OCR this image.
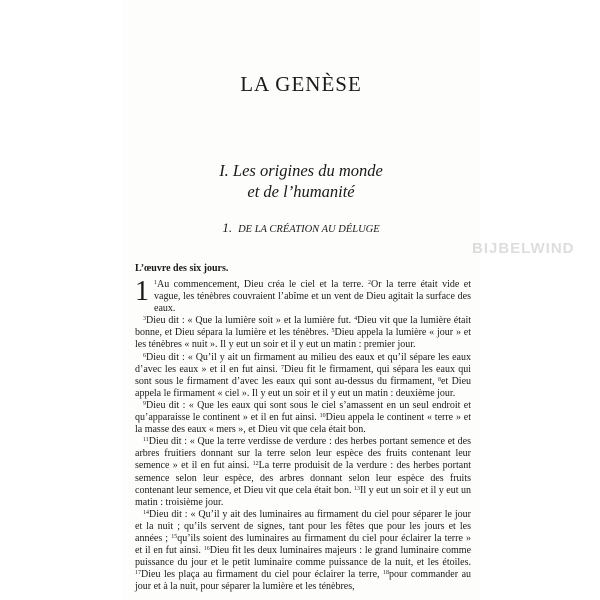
BIJBELWIND
LA GENÈSE
I. Les origines du monde
et de l’humanité
1. DE LA CRÉATION AU DÉLUGE
L’œuvre des six jours.

1 $^1$Au commencement, Dieu créa le ciel et la terre. $^2$Or la terre était vide et vague, les ténèbres couvraient l’abîme et un vent de Dieu agitait la surface des eaux.

$^3$Dieu dit : « Que la lumière soit » et la lumière fut. $^4$Dieu vit que la lumière était bonne, et Dieu sépara la lumière et les ténèbres. $^5$Dieu appela la lumière « jour » et les ténèbres « nuit ». Il y eut un soir et il y eut un matin : premier jour.

$^6$Dieu dit : « Qu’il y ait un firmament au milieu des eaux et qu’il sépare les eaux d’avec les eaux » et il en fut ainsi. $^7$Dieu fit le firmament, qui sépara les eaux qui sont sous le firmament d’avec les eaux qui sont au-dessus du firmament, $^8$et Dieu appela le firmament « ciel ». Il y eut un soir et il y eut un matin : deuxième jour.

$^9$Dieu dit : « Que les eaux qui sont sous le ciel s’amassent en un seul endroit et qu’apparaisse le continent » et il en fut ainsi. $^{10}$Dieu appela le continent « terre » et la masse des eaux « mers », et Dieu vit que cela était bon.

$^{11}$Dieu dit : « Que la terre verdisse de verdure : des herbes portant semence et des arbres fruitiers donnant sur la terre selon leur espèce des fruits contenant leur semence » et il en fut ainsi. $^{12}$La terre produisit de la verdure : des herbes portant semence selon leur espèce, des arbres donnant selon leur espèce des fruits contenant leur semence, et Dieu vit que cela était bon. $^{13}$Il y eut un soir et il y eut un matin : troisième jour.

$^{14}$Dieu dit : « Qu’il y ait des luminaires au firmament du ciel pour séparer le jour et la nuit ; qu’ils servent de signes, tant pour les fêtes que pour les jours et les années ; $^{15}$qu’ils soient des luminaires au firmament du ciel pour éclairer la terre » et il en fut ainsi. $^{16}$Dieu fit les deux luminaires majeurs : le grand luminaire comme puissance du jour et le petit luminaire comme puissance de la nuit, et les étoiles. $^{17}$Dieu les plaça au firmament du ciel pour éclairer la terre, $^{18}$pour commander au jour et à la nuit, pour séparer la lumière et les ténèbres,
